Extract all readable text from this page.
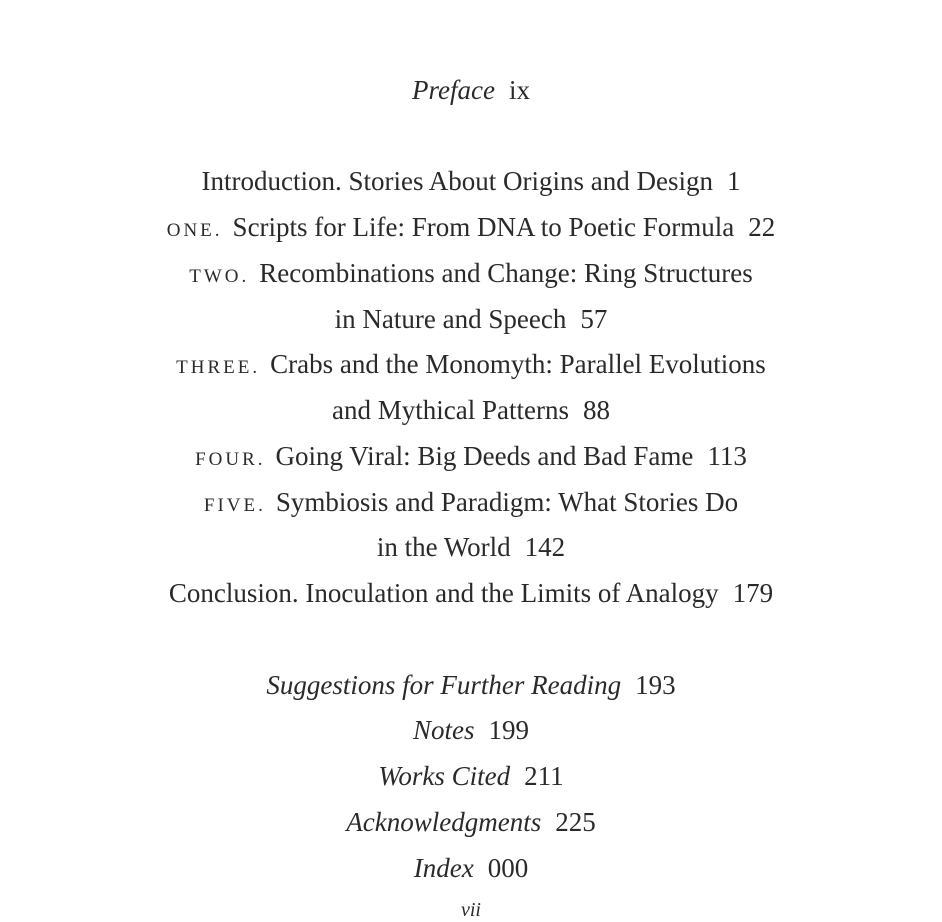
Preface ix
Introduction. Stories About Origins and Design 1
ONE. Scripts for Life: From DNA to Poetic Formula 22
TWO. Recombinations and Change: Ring Structures
in Nature and Speech 57
THREE. Crabs and the Monomyth: Parallel Evolutions
and Mythical Patterns 88
FOUR. Going Viral: Big Deeds and Bad Fame 113
FIVE. Symbiosis and Paradigm: What Stories Do
in the World 142
Conclusion. Inoculation and the Limits of Analogy 179
Suggestions for Further Reading 193
Notes 199
Works Cited 211
Acknowledgments 225
Index 000
vii
